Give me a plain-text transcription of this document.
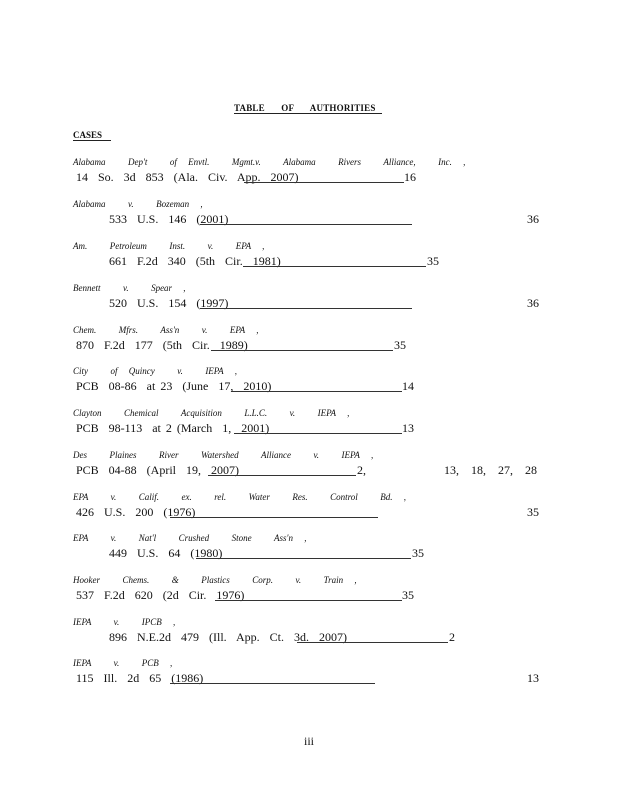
TABLE OF AUTHORITIES
CASES
Alabama  Dep't  of Envtl.  Mgmt.v.  Alabama  Rivers  Alliance,  Inc. ,
14  So.  3d  853  (Ala.  Civ.  App.  2007)	16
Alabama  v.  Bozeman ,
533  U.S.  146  (2001)	36
Am.  Petroleum  Inst.  v.  EPA ,
661  F.2d  340  (5th  Cir.  1981)	35
Bennett  v.  Spear ,
520  U.S.  154  (1997)	36
Chem.  Mfrs.  Ass'n  v.  EPA ,
870  F.2d  177  (5th  Cir.  1989)	35
City  of Quincy  v.  IEPA ,
PCB  08-86  at 23  (June  17,  2010)	14
Clayton  Chemical  Acquisition  L.L.C.  v.  IEPA ,
PCB  98-113  at 2 (March  1,  2001)	13
Des  Plaines  River  Watershed  Alliance  v.  IEPA ,
PCB  04-88  (April  19,  2007)	2,	13,  18,  27,  28
EPA  v.  Calif.  ex.  rel.  Water  Res.  Control  Bd. ,
426  U.S.  200  (1976)	35
EPA  v.  Nat'l  Crushed  Stone  Ass'n ,
449  U.S.  64  (1980)	35
Hooker  Chems.  &  Plastics  Corp.  v.  Train ,
537  F.2d  620  (2d  Cir.  1976)	35
IEPA  v.  IPCB ,
896  N.E.2d  479  (Ill.  App.  Ct.  3d.  2007)	2
IEPA  v.  PCB ,
115  Ill.  2d  65  (1986)	13
iii
